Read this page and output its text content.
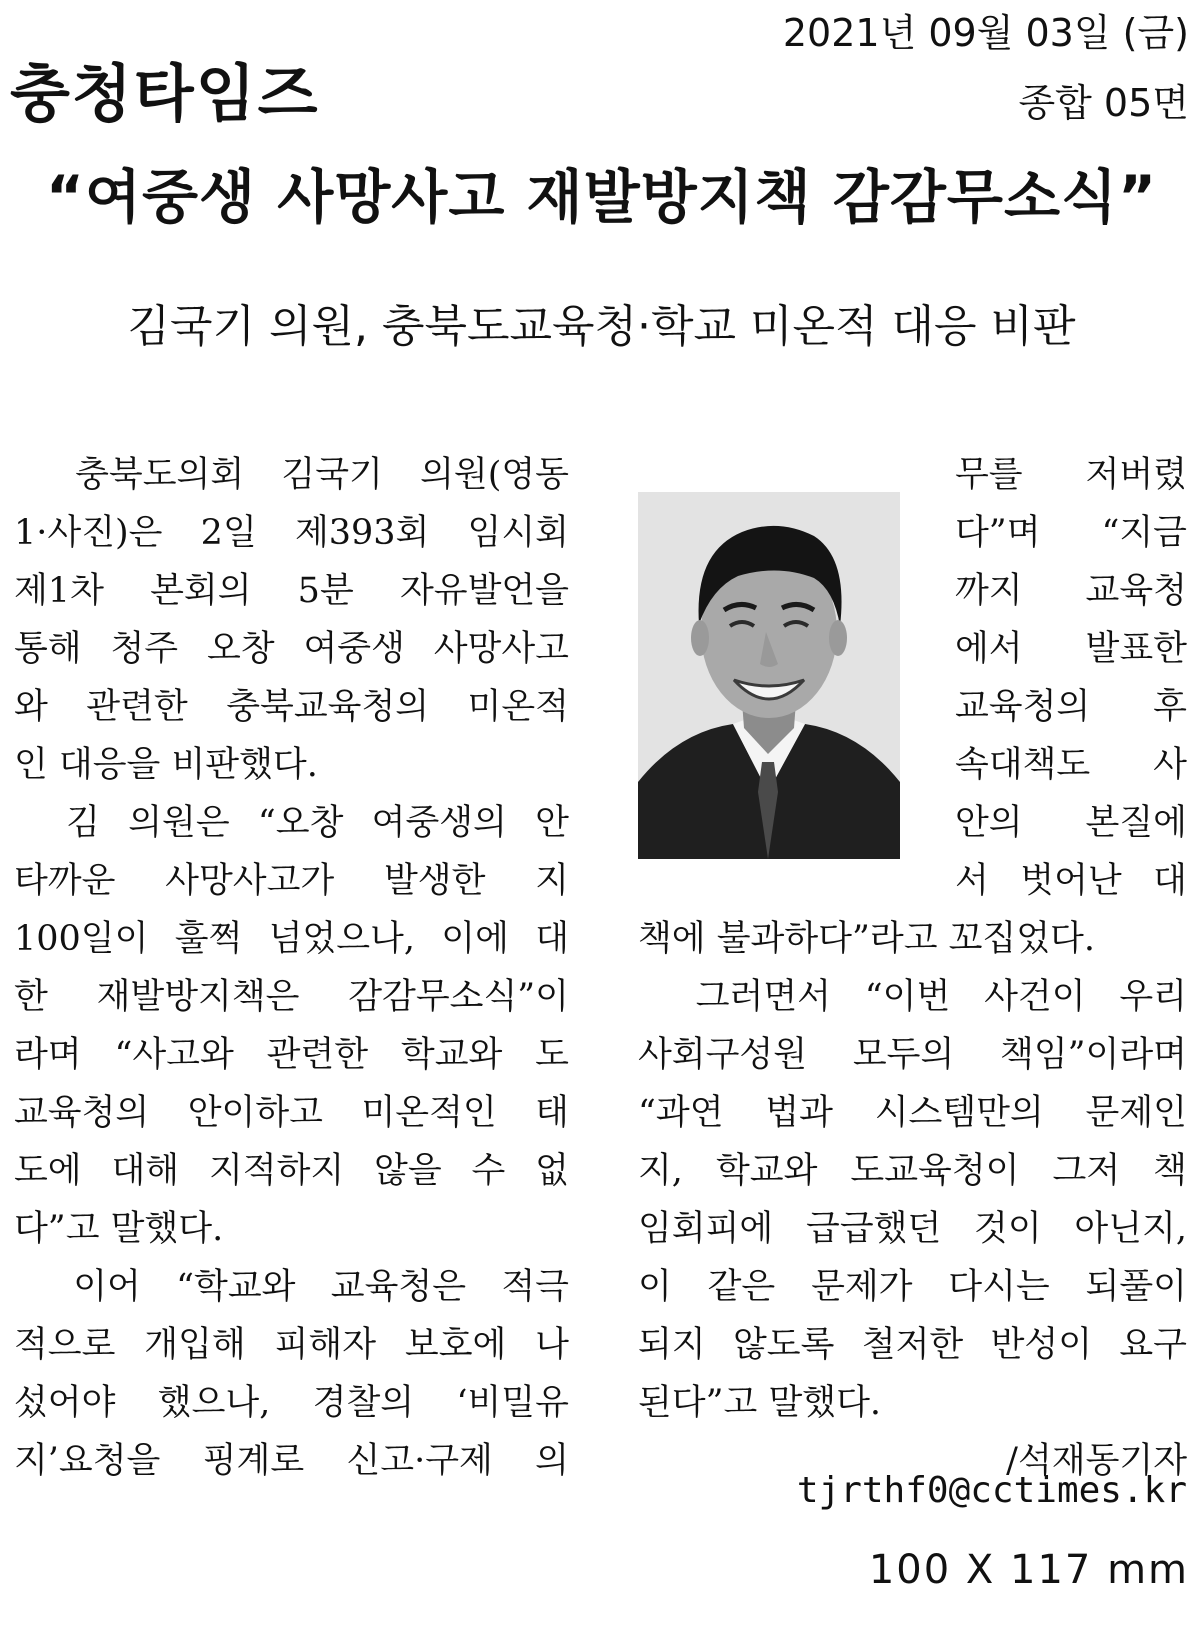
충청타임즈
2021년 09월 03일 (금)
종합 05면
“여중생 사망사고 재발방지책 감감무소식”
김국기 의원, 충북도교육청·학교 미온적 대응 비판
　충북도의회 김국기 의원(영동
1·사진)은 2일 제393회 임시회
제1차 본회의 5분 자유발언을
통해 청주 오창 여중생 사망사고
와 관련한 충북교육청의 미온적
인 대응을 비판했다.
　김 의원은 “오창 여중생의 안
타까운 사망사고가 발생한 지
100일이 훌쩍 넘었으나, 이에 대
한 재발방지책은 감감무소식”이
라며 “사고와 관련한 학교와 도
교육청의 안이하고 미온적인 태
도에 대해 지적하지 않을 수 없
다”고 말했다.
　이어 “학교와 교육청은 적극
적으로 개입해 피해자 보호에 나
섰어야 했으나, 경찰의 ‘비밀유
지’요청을 핑계로 신고·구제 의
무를 저버렸
다”며 “지금
까지 교육청
에서 발표한
교육청의 후
속대책도 사
안의 본질에
서 벗어난 대
책에 불과하다”라고 꼬집었다.
　그러면서 “이번 사건이 우리
사회구성원 모두의 책임”이라며
“과연 법과 시스템만의 문제인
지, 학교와 도교육청이 그저 책
임회피에 급급했던 것이 아닌지,
이 같은 문제가 다시는 되풀이
되지 않도록 철저한 반성이 요구
된다”고 말했다.
/석재동기자
tjrthf0@cctimes.kr
100 X 117 mm
